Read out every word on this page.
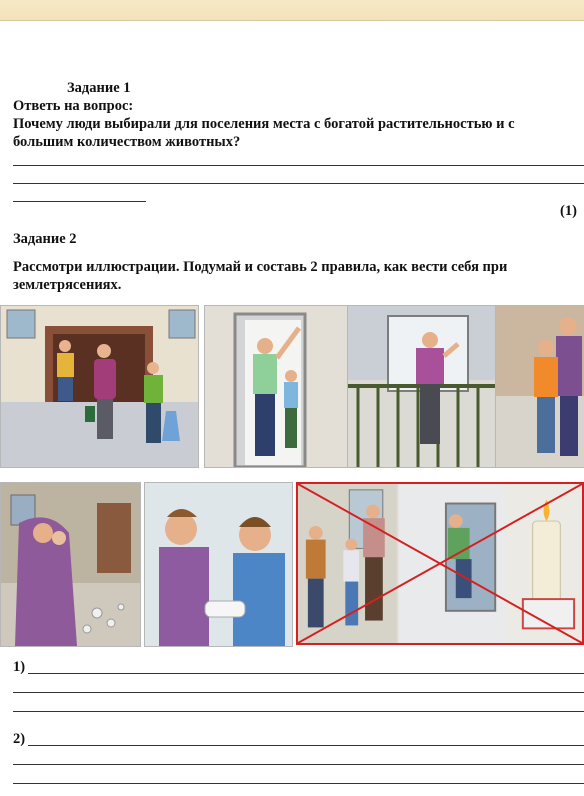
Задание 1
Ответь на вопрос:
Почему люди выбирали для поселения места с богатой растительностью и с
большим количеством животных?
(1)
Задание 2
Рассмотри иллюстрации. Подумай и составь 2 правила, как вести себя при
землетрясениях.
1)
2)
